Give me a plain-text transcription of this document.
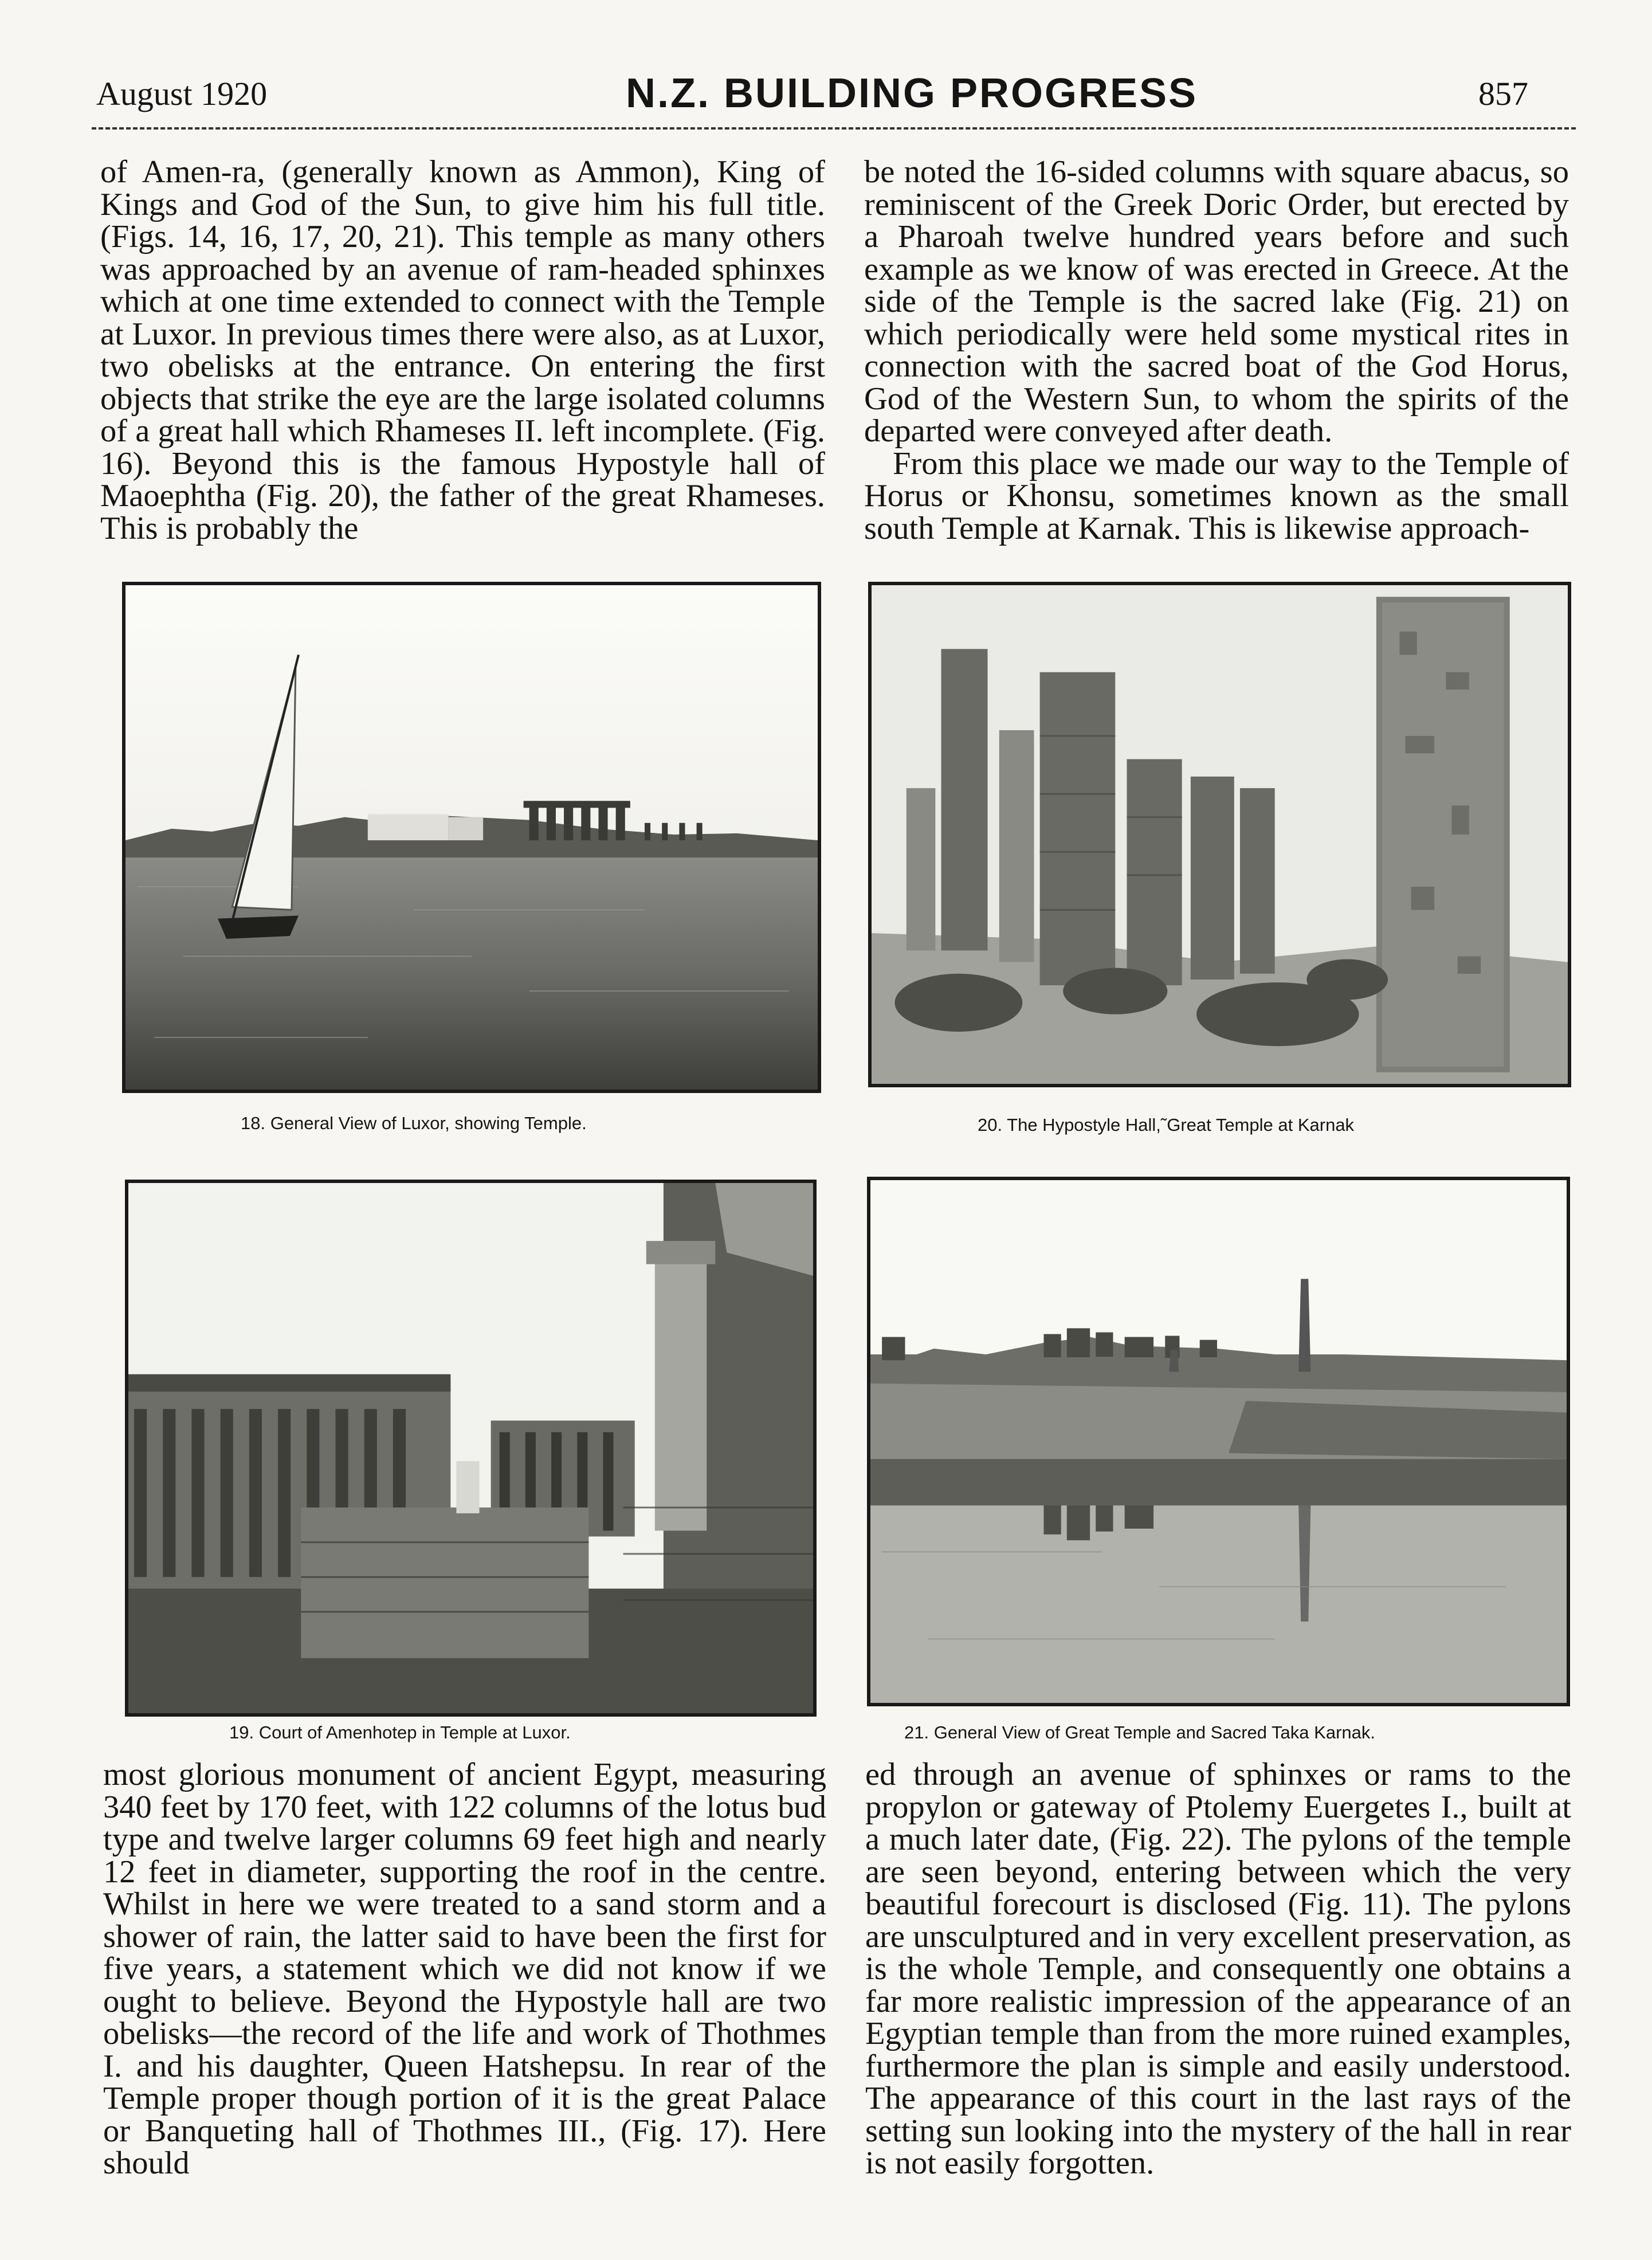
August 1920	N.Z. BUILDING PROGRESS	857

of Amen-ra, (generally known as Ammon), King of Kings and God of the Sun, to give him his full title. (Figs. 14, 16, 17, 20, 21). This temple as many others was approached by an avenue of ram-headed sphinxes which at one time extended to connect with the Temple at Luxor. In previous times there were also, as at Luxor, two obelisks at the entrance. On entering the first objects that strike the eye are the large isolated columns of a great hall which Rhameses II. left incomplete. (Fig. 16). Beyond this is the famous Hypostyle hall of Maoephtha (Fig. 20), the father of the great Rhameses. This is probably the

be noted the 16-sided columns with square abacus, so reminiscent of the Greek Doric Order, but erected by a Pharoah twelve hundred years before and such example as we know of was erected in Greece. At the side of the Temple is the sacred lake (Fig. 21) on which periodically were held some mystical rites in connection with the sacred boat of the God Horus, God of the Western Sun, to whom the spirits of the departed were conveyed after death.

From this place we made our way to the Temple of Horus or Khonsu, sometimes known as the small south Temple at Karnak. This is likewise approach-

18. General View of Luxor, showing Temple.	20. The Hypostyle Hall,˜Great Temple at Karnak
19. Court of Amenhotep in Temple at Luxor.	21. General View of Great Temple and Sacred Taka Karnak.

most glorious monument of ancient Egypt, measuring 340 feet by 170 feet, with 122 columns of the lotus bud type and twelve larger columns 69 feet high and nearly 12 feet in diameter, supporting the roof in the centre. Whilst in here we were treated to a sand storm and a shower of rain, the latter said to have been the first for five years, a statement which we did not know if we ought to believe. Beyond the Hypostyle hall are two obelisks—the record of the life and work of Thothmes I. and his daughter, Queen Hatshepsu. In rear of the Temple proper though portion of it is the great Palace or Banqueting hall of Thothmes III., (Fig. 17). Here should

ed through an avenue of sphinxes or rams to the propylon or gateway of Ptolemy Euergetes I., built at a much later date, (Fig. 22). The pylons of the temple are seen beyond, entering between which the very beautiful forecourt is disclosed (Fig. 11). The pylons are unsculptured and in very excellent preservation, as is the whole Temple, and consequently one obtains a far more realistic impression of the appearance of an Egyptian temple than from the more ruined examples, furthermore the plan is simple and easily understood. The appearance of this court in the last rays of the setting sun looking into the mystery of the hall in rear is not easily forgotten.
